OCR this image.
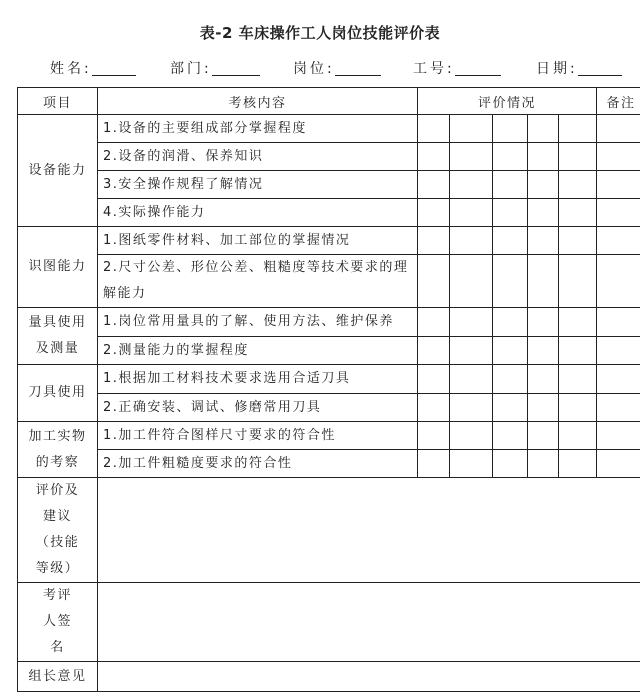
表-2 车床操作工人岗位技能评价表
姓名:	部门:	岗位:	工号:	日期:
项目	考核内容	评价情况					备注
设备能力	1.设备的主要组成部分掌握程度						
	2.设备的润滑、保养知识						
	3.安全操作规程了解情况						
	4.实际操作能力						
识图能力	1.图纸零件材料、加工部位的掌握情况						
	2.尺寸公差、形位公差、粗糙度等技术要求的理解能力						
量具使用及测量	1.岗位常用量具的了解、使用方法、维护保养						
	2.测量能力的掌握程度						
刀具使用	1.根据加工材料技术要求选用合适刀具						
	2.正确安装、调试、修磨常用刀具						
加工实物的考察	1.加工件符合图样尺寸要求的符合性						
	2.加工件粗糙度要求的符合性						
评价及建议（技能等级）							
考评人签名							
组长意见							
